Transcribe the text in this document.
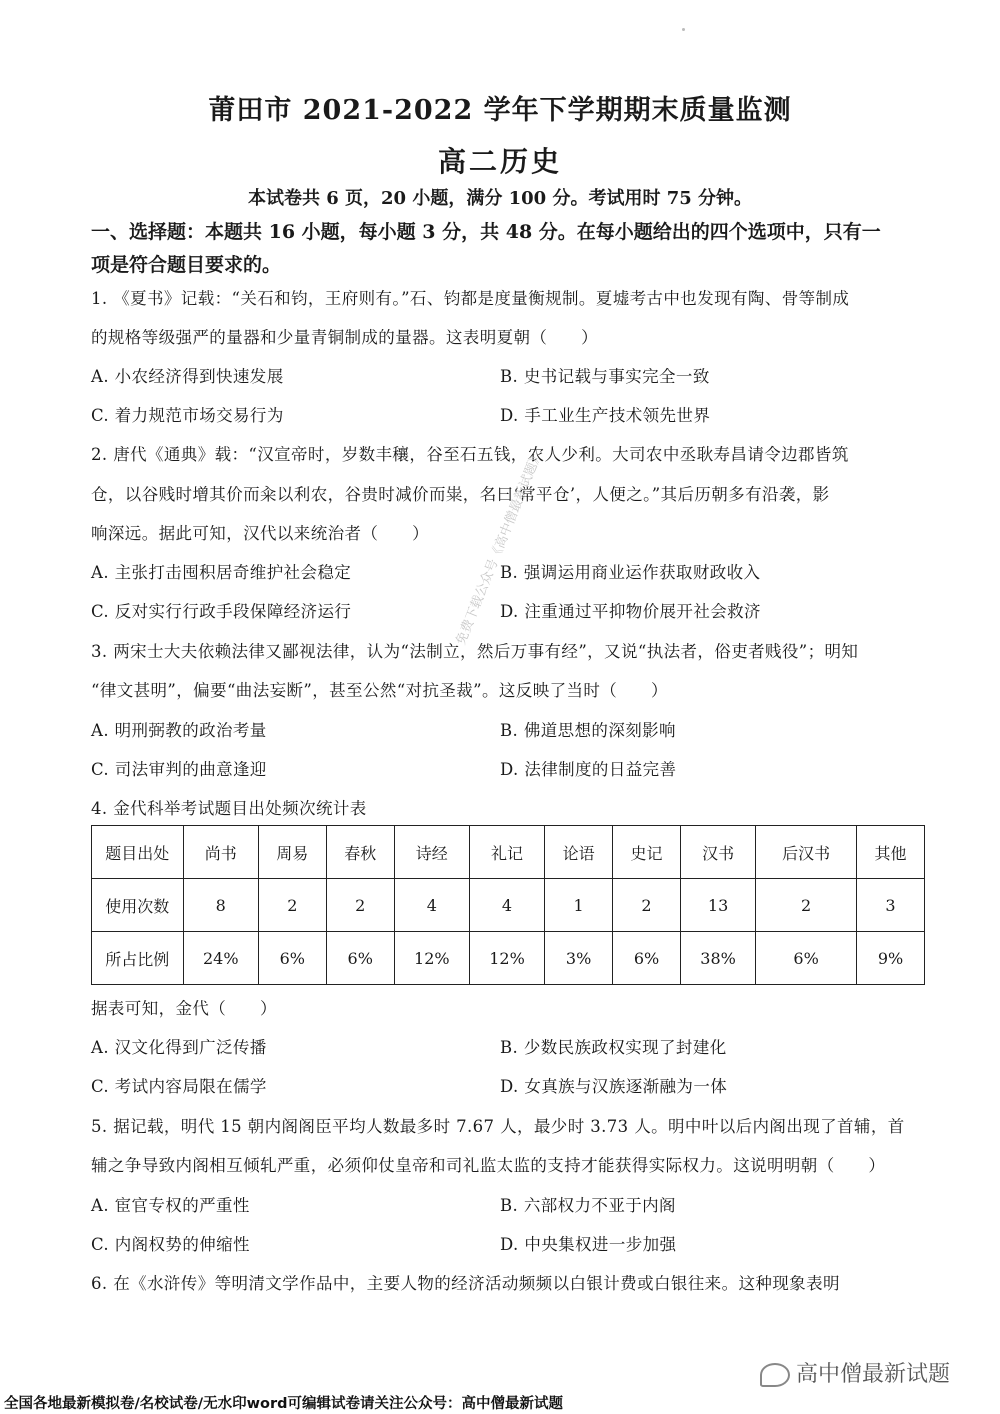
莆田市 2021-2022 学年下学期期末质量监测
高二历史
本试卷共 6 页，20 小题，满分 100 分。考试用时 75 分钟。
一、选择题：本题共 16 小题，每小题 3 分，共 48 分。在每小题给出的四个选项中，只有一
项是符合题目要求的。
1. 《夏书》记载：“关石和钧，王府则有。”石、钧都是度量衡规制。夏墟考古中也发现有陶、骨等制成
的规格等级强严的量器和少量青铜制成的量器。这表明夏朝（　　）
A. 小农经济得到快速发展	B. 史书记载与事实完全一致
C. 着力规范市场交易行为	D. 手工业生产技术领先世界
2. 唐代《通典》载：“汉宣帝时，岁数丰穰，谷至石五钱，农人少利。大司农中丞耿寿昌请令边郡皆筑
仓，以谷贱时增其价而籴以利农，谷贵时减价而粜，名曰‘常平仓’，人便之。”其后历朝多有沿袭，影
响深远。据此可知，汉代以来统治者（　　）
A. 主张打击囤积居奇维护社会稳定	B. 强调运用商业运作获取财政收入
C. 反对实行行政手段保障经济运行	D. 注重通过平抑物价展开社会救济
3. 两宋士大夫依赖法律又鄙视法律，认为“法制立，然后万事有经”，又说“执法者，俗吏者贱役”；明知
“律文甚明”，偏要“曲法妄断”，甚至公然“对抗圣裁”。这反映了当时（　　）
A. 明刑弼教的政治考量	B. 佛道思想的深刻影响
C. 司法审判的曲意逢迎	D. 法律制度的日益完善
4. 金代科举考试题目出处频次统计表
题目出处	尚书	周易	春秋	诗经	礼记	论语	史记	汉书	后汉书	其他
使用次数	8	2	2	4	4	1	2	13	2	3
所占比例	24%	6%	6%	12%	12%	3%	6%	38%	6%	9%
据表可知，金代（　　）
A. 汉文化得到广泛传播	B. 少数民族政权实现了封建化
C. 考试内容局限在儒学	D. 女真族与汉族逐渐融为一体
5. 据记载，明代 15 朝内阁阁臣平均人数最多时 7.67 人，最少时 3.73 人。明中叶以后内阁出现了首辅，首
辅之争导致内阁相互倾轧严重，必须仰仗皇帝和司礼监太监的支持才能获得实际权力。这说明明朝（　　）
A. 宦官专权的严重性	B. 六部权力不亚于内阁
C. 内阁权势的伸缩性	D. 中央集权进一步加强
6. 在《水浒传》等明清文学作品中，主要人物的经济活动频频以白银计费或白银往来。这种现象表明
免费下载公众号《高中僧最新试题》
高中僧最新试题
全国各地最新模拟卷/名校试卷/无水印word可编辑试卷请关注公众号：高中僧最新试题
